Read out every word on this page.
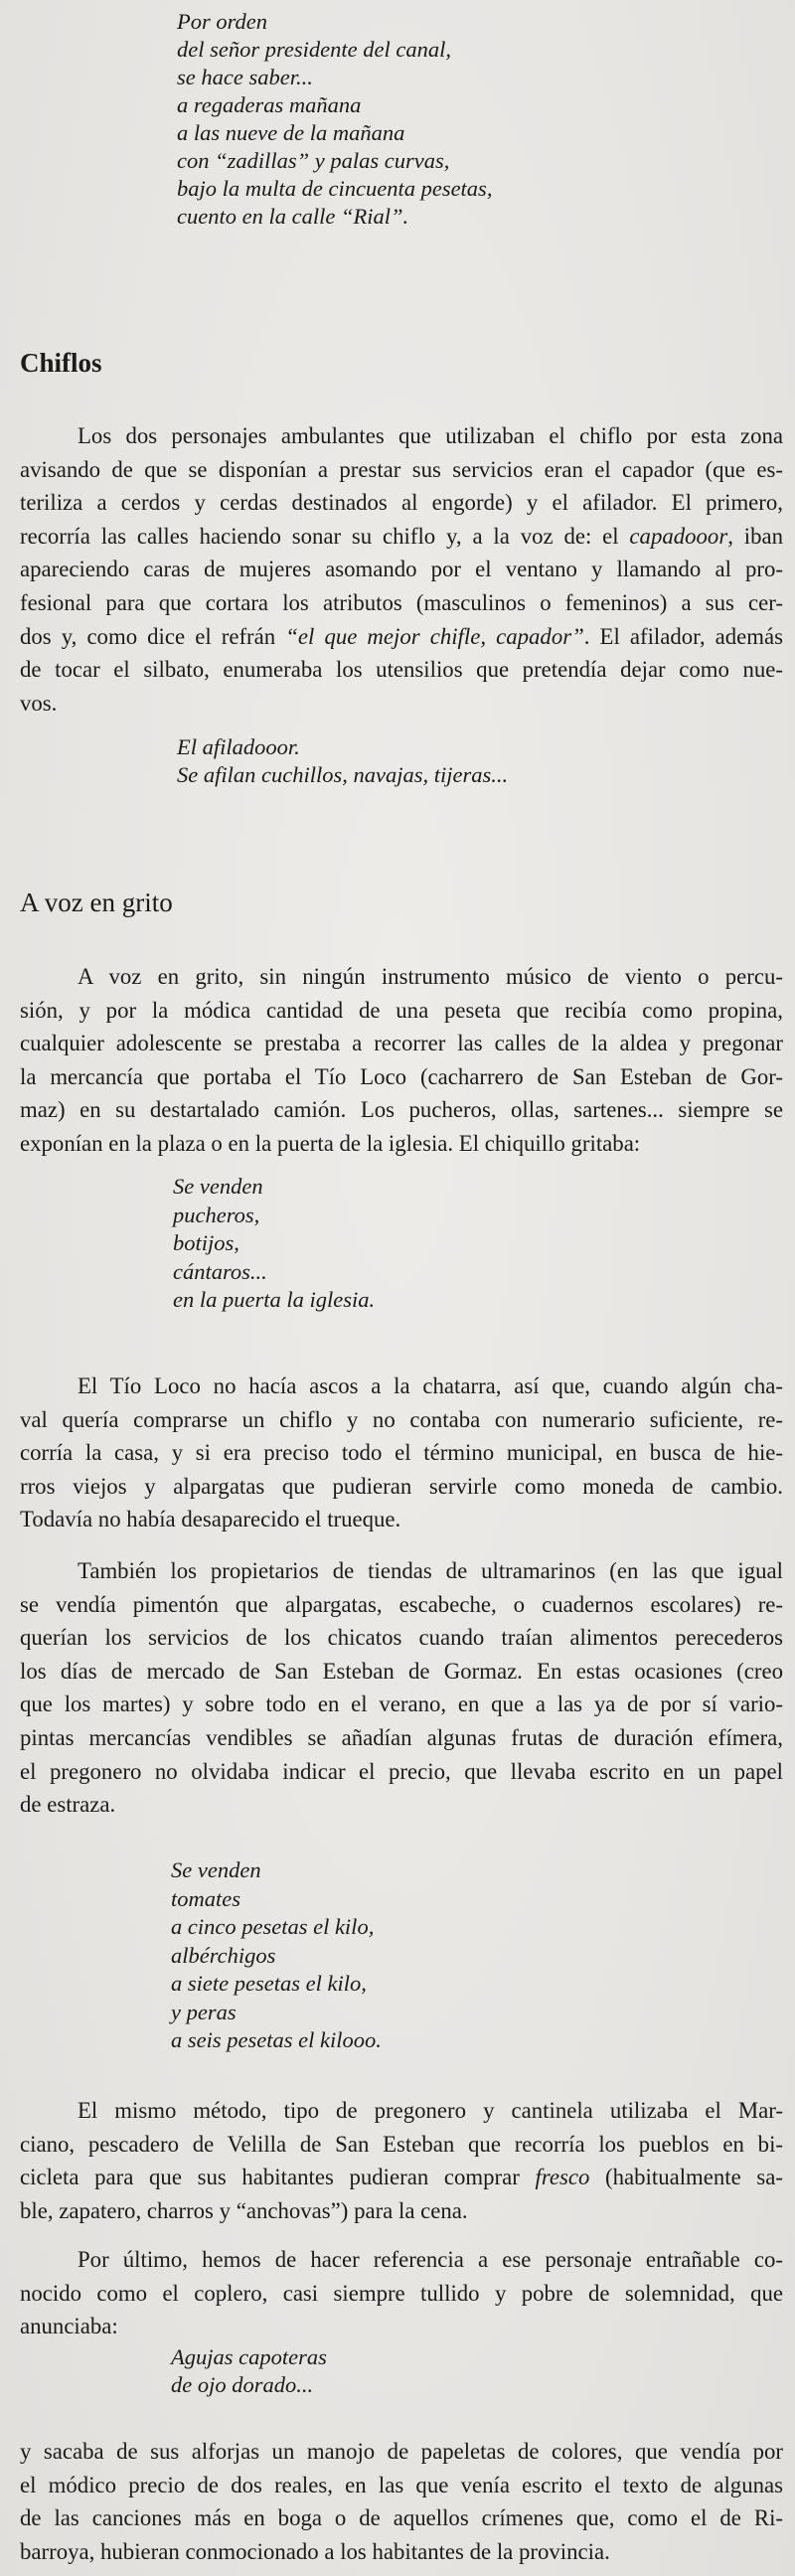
Por orden
del señor presidente del canal,
se hace saber...
a regaderas mañana
a las nueve de la mañana
con “zadillas” y palas curvas,
bajo la multa de cincuenta pesetas,
cuento en la calle “Rial”.
Chiflos
Los dos personajes ambulantes que utilizaban el chiflo por esta zona
avisando de que se disponían a prestar sus servicios eran el capador (que es-
teriliza a cerdos y cerdas destinados al engorde) y el afilador. El primero,
recorría las calles haciendo sonar su chiflo y, a la voz de: el capadooor, iban
apareciendo caras de mujeres asomando por el ventano y llamando al pro-
fesional para que cortara los atributos (masculinos o femeninos) a sus cer-
dos y, como dice el refrán “el que mejor chifle, capador”. El afilador, además
de tocar el silbato, enumeraba los utensilios que pretendía dejar como nue-
vos.
El afiladooor.
Se afilan cuchillos, navajas, tijeras...
A voz en grito
A voz en grito, sin ningún instrumento músico de viento o percu-
sión, y por la módica cantidad de una peseta que recibía como propina,
cualquier adolescente se prestaba a recorrer las calles de la aldea y pregonar
la mercancía que portaba el Tío Loco (cacharrero de San Esteban de Gor-
maz) en su destartalado camión. Los pucheros, ollas, sartenes... siempre se
exponían en la plaza o en la puerta de la iglesia. El chiquillo gritaba:
Se venden
pucheros,
botijos,
cántaros...
en la puerta la iglesia.
El Tío Loco no hacía ascos a la chatarra, así que, cuando algún cha-
val quería comprarse un chiflo y no contaba con numerario suficiente, re-
corría la casa, y si era preciso todo el término municipal, en busca de hie-
rros viejos y alpargatas que pudieran servirle como moneda de cambio.
Todavía no había desaparecido el trueque.
También los propietarios de tiendas de ultramarinos (en las que igual
se vendía pimentón que alpargatas, escabeche, o cuadernos escolares) re-
querían los servicios de los chicatos cuando traían alimentos perecederos
los días de mercado de San Esteban de Gormaz. En estas ocasiones (creo
que los martes) y sobre todo en el verano, en que a las ya de por sí vario-
pintas mercancías vendibles se añadían algunas frutas de duración efímera,
el pregonero no olvidaba indicar el precio, que llevaba escrito en un papel
de estraza.
Se venden
tomates
a cinco pesetas el kilo,
albérchigos
a siete pesetas el kilo,
y peras
a seis pesetas el kilooo.
El mismo método, tipo de pregonero y cantinela utilizaba el Mar-
ciano, pescadero de Velilla de San Esteban que recorría los pueblos en bi-
cicleta para que sus habitantes pudieran comprar fresco (habitualmente sa-
ble, zapatero, charros y “anchovas”) para la cena.
Por último, hemos de hacer referencia a ese personaje entrañable co-
nocido como el coplero, casi siempre tullido y pobre de solemnidad, que
anunciaba:
Agujas capoteras
de ojo dorado...
y sacaba de sus alforjas un manojo de papeletas de colores, que vendía por
el módico precio de dos reales, en las que venía escrito el texto de algunas
de las canciones más en boga o de aquellos crímenes que, como el de Ri-
barroya, hubieran conmocionado a los habitantes de la provincia.
